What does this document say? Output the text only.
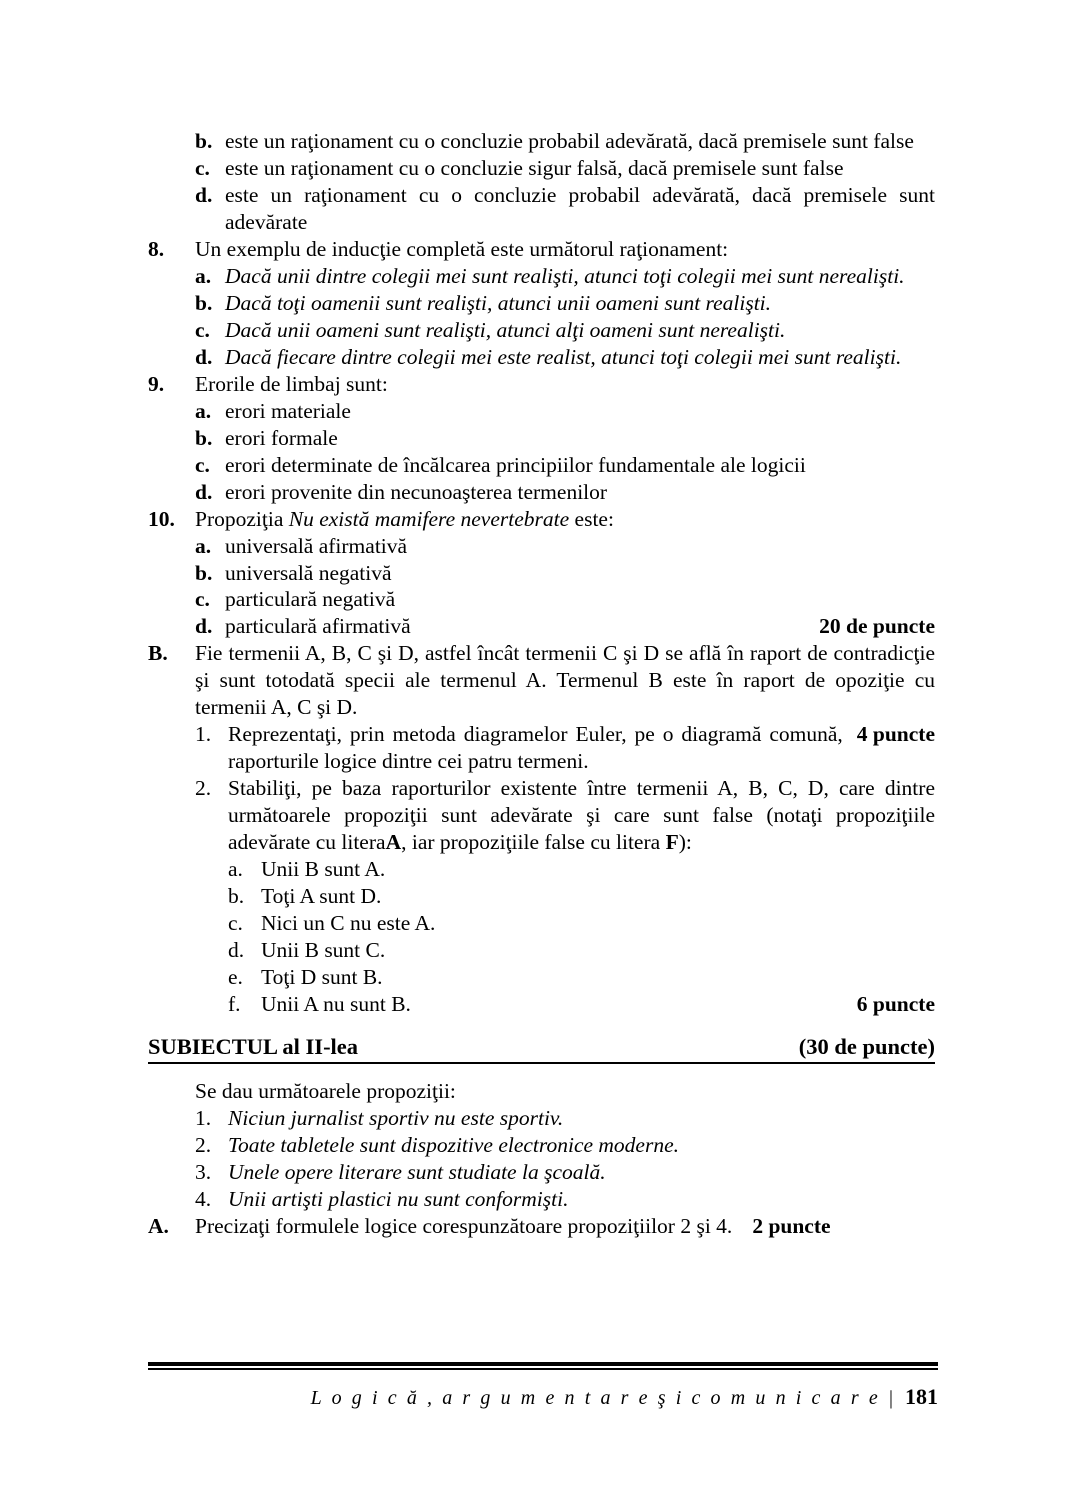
b. este un raţionament cu o concluzie probabil adevărată, dacă premisele sunt false
c. este un raţionament cu o concluzie sigur falsă, dacă premisele sunt false
d. este un raţionament cu o concluzie probabil adevărată, dacă premisele sunt adevărate
8.	Un exemplu de inducţie completă este următorul raţionament:
a. Dacă unii dintre colegii mei sunt realişti, atunci toţi colegii mei sunt nerealişti.
b. Dacă toţi oamenii sunt realişti, atunci unii oameni sunt realişti.
c. Dacă unii oameni sunt realişti, atunci alţi oameni sunt nerealişti.
d. Dacă fiecare dintre colegii mei este realist, atunci toţi colegii mei sunt realişti.
9.	Erorile de limbaj sunt:
a. erori materiale
b. erori formale
c. erori determinate de încălcarea principiilor fundamentale ale logicii
d. erori provenite din necunoaşterea termenilor
10. Propoziţia Nu există mamifere nevertebrate este:
a. universală afirmativă
b. universală negativă
c. particulară negativă
d.	20 de puncte
particulară afirmativă
B.	Fie termenii A, B, C şi D, astfel încât termenii C şi D se află în raport de contradicţie şi sunt totodată specii ale termenul A. Termenul B este în raport de opoziţie cu termenii A, C şi D.
1.	4 puncte
Reprezentaţi, prin metoda diagramelor Euler, pe o diagramă comună, raporturile logice dintre cei patru termeni.
2. Stabiliţi, pe baza raporturilor existente între termenii A, B, C, D, care dintre următoarele propoziţii sunt adevărate şi care sunt false (notaţi propoziţiile adevărate cu literaA, iar propoziţiile false cu litera F):
a. Unii B sunt A.
b. Toţi A sunt D.
c. Nici un C nu este A.
d. Unii B sunt C.
e. Toţi D sunt B.
f.	6 puncte
Unii A nu sunt B.
SUBIECTUL al II-lea	(30 de puncte)
Se dau următoarele propoziţii:
1. Niciun jurnalist sportiv nu este sportiv.
2. Toate tabletele sunt dispozitive electronice moderne.
3. Unele opere literare sunt studiate la şcoală.
4. Unii artişti plastici nu sunt conformişti.
A.	Precizaţi formulele logice corespunzătoare propoziţiilor 2 şi 4. 2 puncte
L o g i c ă , a r g u m e n t a r e ş i c o m u n i c a r e | 181
